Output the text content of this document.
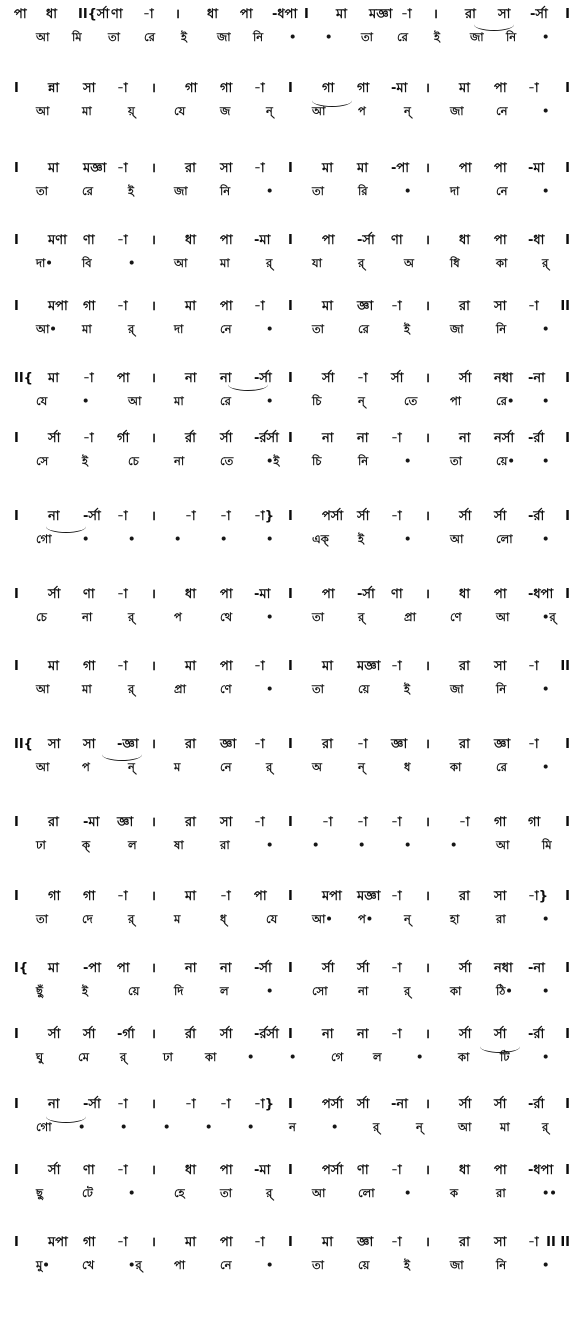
পা ধা II{র্সা ণা -া । ধা পা -ধপা I মা মজ্ঞা -া । রা সা -র্সা I
আ মি তা রে ই	জা নি • • তা রে ই	জা নি •
I ন্না সা -া । গা গা -া I গা গা -মা । মা পা -া I
আ	মা	য়্	যে	জ	ন্	আ	প	ন্	জা	নে	•
I মা মজ্ঞা -া । রা সা -া I মা মা -পা । পা পা -মা I
তা	রে	ই	জা	নি	•	তা	রি	•	দা	নে	•
I মণা ণা -া । ধা পা -মা I পা -র্সা ণা । ধা পা -ধা I
দা•	বি	•	আ	মা	র্	যা	র্	অ	ধি	কা	র্
I মপা গা -া । মা পা -া I মা জ্ঞা -া । রা সা -া II
আ• মা	র্	দা	নে	•	তা	রে	ই	জা	নি	•
II{ মা -া পা । না না -র্সা I র্সা -া র্সা । র্সা নধা -না I
যে	•	আ	মা	রে	•	চি	ন্	তে	পা	রে• •
I র্সা -া র্গা । র্রা র্সা -র্রর্সা I না না -া । না নর্সা -র্রা I
সে	ই	চে	না	তে	•ই	চি	নি	•	তা	য়ে• •
I না -র্সা -া । -া -া -া} I পর্সা র্সা -া । র্সা র্সা -র্রা I
গো	•	•	•	•	•	এক্	ই	•	আ	লো	•
I র্সা ণা -া । ধা পা -মা I পা -র্সা ণা । ধা পা -ধপা I
চে	না	র্	প	থে	•	তা	র্	প্রা	ণে	আ	•র্
I মা গা -া । মা পা -া I মা মজ্ঞা -া । রা সা -া II
আ	মা	র্	প্রা	ণে	•	তা	য়ে	ই	জা	নি	•
II{ সা সা -জ্ঞা । রা জ্ঞা -া I রা -া জ্ঞা । রা জ্ঞা -া I
আ	প	ন্	ম	নে	র্	অ	ন্	ধ	কা	রে	•
I রা -মা জ্ঞা । রা সা -া I -া -া -া । -া গা গা I
ঢা	ক্	ল	ষা	রা	•	•	•	•	•	আ	মি
I গা গা -া । মা -া পা I মপা মজ্ঞা -া । রা সা -া} I
তা	দে	র্	ম	ধ্	যে	আ• প•	ন্	হা	রা	•
I{ মা -পা পা । না না -র্সা I র্সা র্সা -া । র্সা নধা -না I
ছুঁ	ই	য়ে	দি	ল	•	সো	না	র্	কা	ঠি•	•
I র্সা র্সা -র্গা । র্রা র্সা -র্রর্সা I না না -া । র্সা র্সা -র্রা I
ঘু	মে	র্	ঢা	কা	•	•	গে	ল	•	কা	টি	•
I না -র্সা -া । -া -া -া} I পর্সা র্সা -না । র্সা র্সা -র্রা I
গো •	•	•	•	•	ন	•	র্	ন্	আ মা	র্
I র্সা ণা -া । ধা পা -মা I পর্সা ণা -া । ধা পা -ধপা I
ছু	টে	•	হে	তা	র্	আ	লো	•	ক	রা	••
I মপা গা -া । মা পা -া I মা জ্ঞা -া । রা সা -া II II
মু•	খে	•র্	পা	নে	•	তা	য়ে	ই	জা	নি	•
